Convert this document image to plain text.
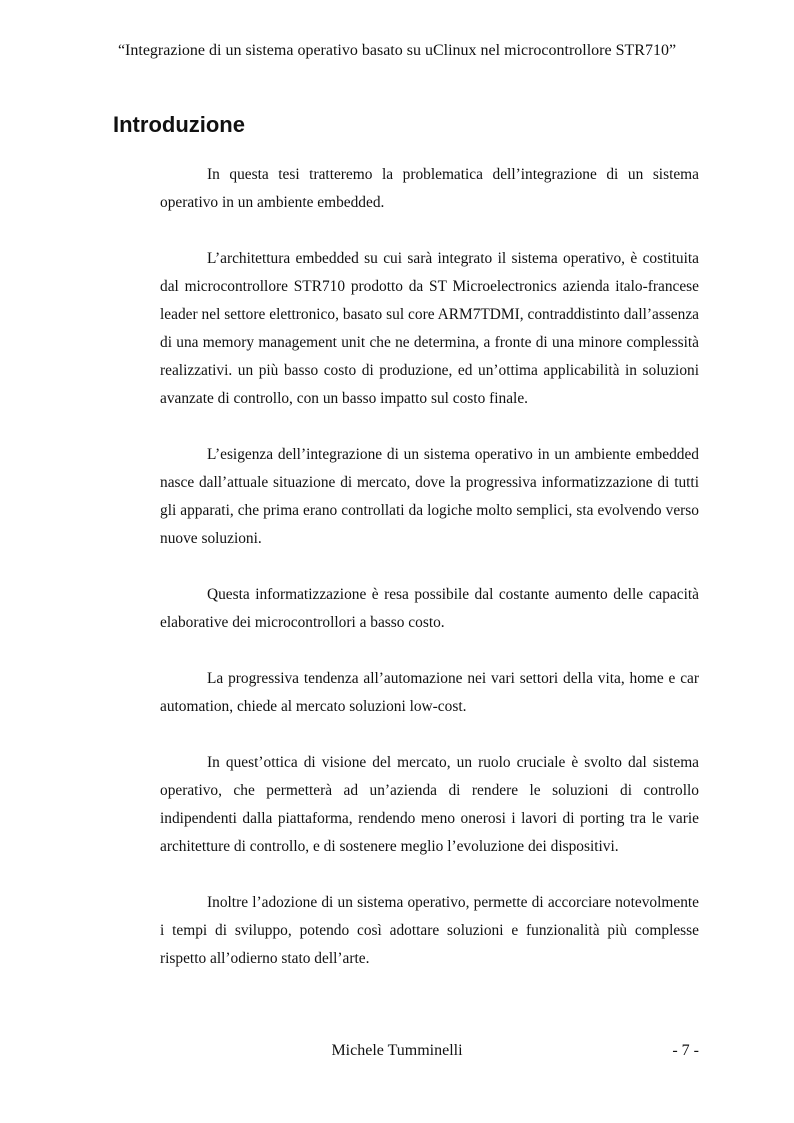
“Integrazione di un sistema operativo basato su uClinux nel microcontrollore STR710”
Introduzione

In questa tesi tratteremo la problematica dell’integrazione di un sistema operativo in un ambiente embedded.

L’architettura embedded su cui sarà integrato il sistema operativo, è costituita dal microcontrollore STR710 prodotto da ST Microelectronics azienda italo-francese leader nel settore elettronico, basato sul core ARM7TDMI, contraddistinto dall’assenza di una memory management unit che ne determina, a fronte di una minore complessità realizzativi. un più basso costo di produzione, ed un’ottima applicabilità in soluzioni avanzate di controllo, con un basso impatto sul costo finale.

L’esigenza dell’integrazione di un sistema operativo in un ambiente embedded nasce dall’attuale situazione di mercato, dove la progressiva informatizzazione di tutti gli apparati, che prima erano controllati da logiche molto semplici, sta evolvendo verso nuove soluzioni.

Questa informatizzazione è resa possibile dal costante aumento delle capacità elaborative dei microcontrollori a basso costo.

La progressiva tendenza all’automazione nei vari settori della vita, home e car automation, chiede al mercato soluzioni low-cost.

In quest’ottica di visione del mercato, un ruolo cruciale è svolto dal sistema operativo, che permetterà ad un’azienda di rendere le soluzioni di controllo indipendenti dalla piattaforma, rendendo meno onerosi i lavori di porting tra le varie architetture di controllo, e di sostenere meglio l’evoluzione dei dispositivi.

Inoltre l’adozione di un sistema operativo, permette di accorciare notevolmente i tempi di sviluppo, potendo così adottare soluzioni e funzionalità più complesse rispetto all’odierno stato dell’arte.

Michele Tumminelli	- 7 -
